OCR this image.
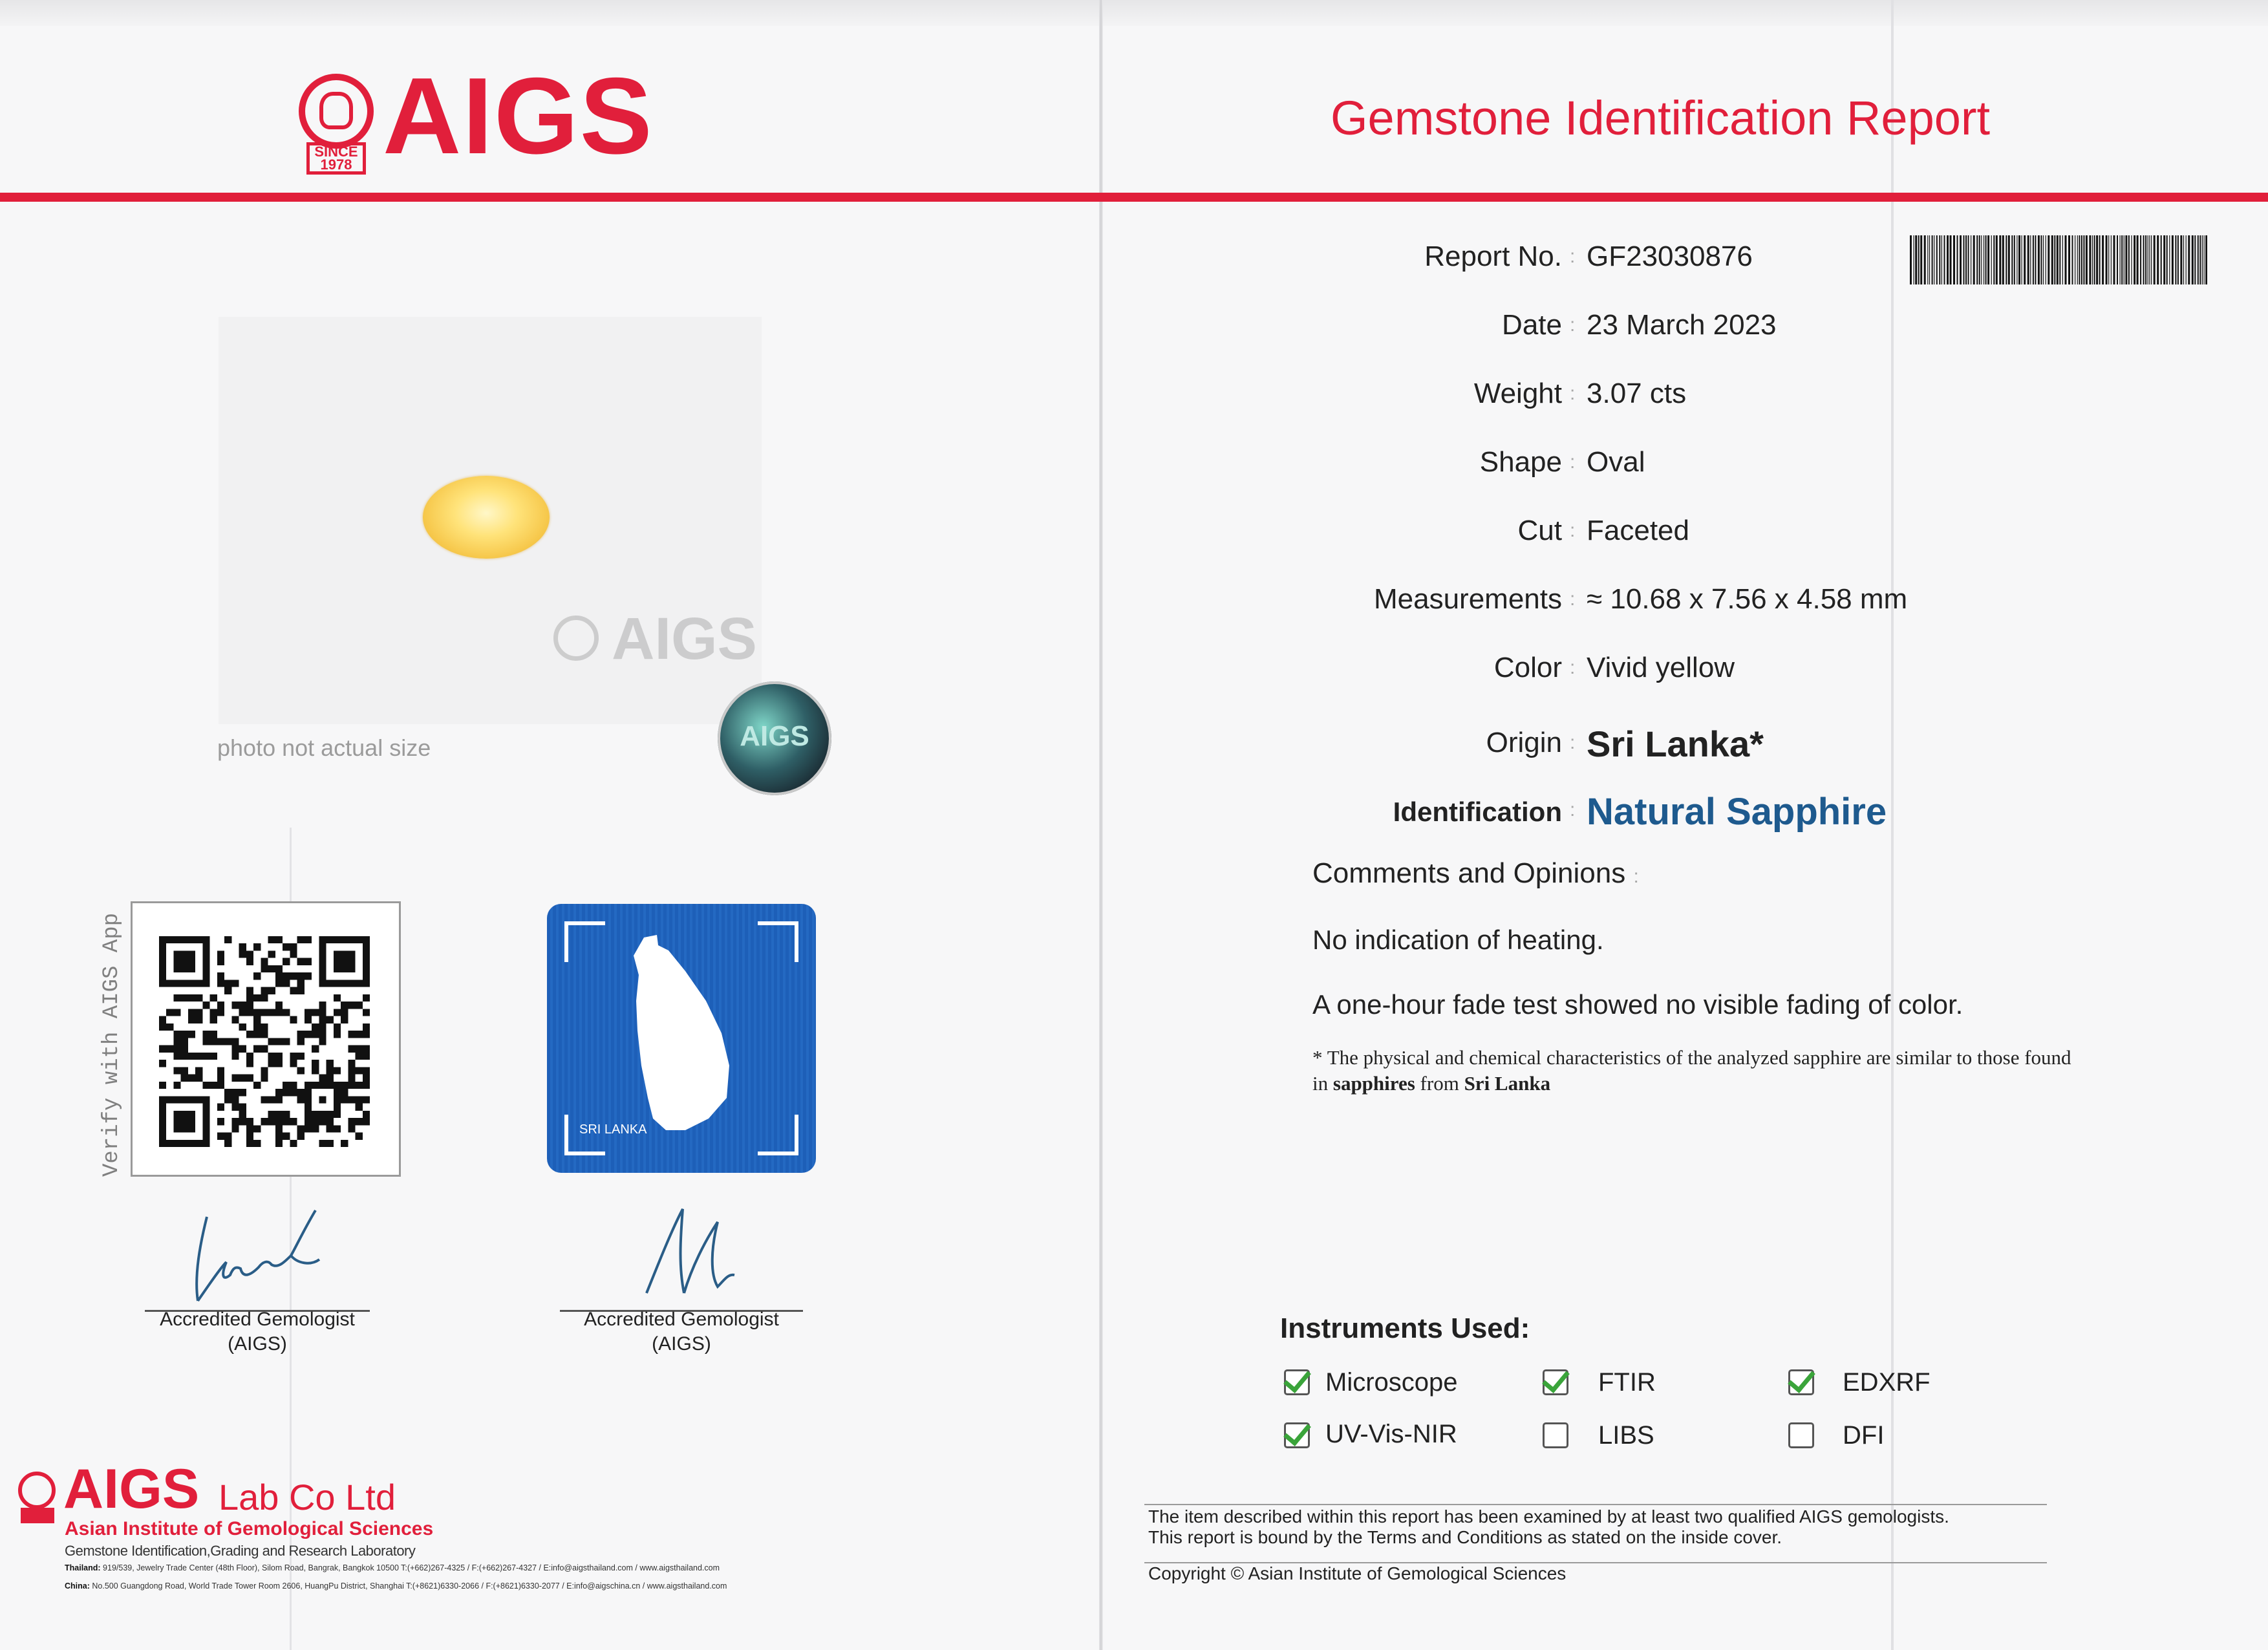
SINCE 1978 AIGS	Gemstone Identification Report
AIGS
photo not actual size	AIGS
Verify with AIGS App	SRI LANKA
Accredited Gemologist
(AIGS)
Accredited Gemologist
(AIGS)
AIGS Lab Co Ltd
Asian Institute of Gemological Sciences
Gemstone Identification,Grading and Research Laboratory
Thailand: 919/539, Jewelry Trade Center (48th Floor), Silom Road, Bangrak, Bangkok 10500 T:(+662)267-4325 / F:(+662)267-4327 / E:info@aigsthailand.com / www.aigsthailand.com
China: No.500 Guangdong Road, World Trade Tower Room 2606, HuangPu District, Shanghai T:(+8621)6330-2066 / F:(+8621)6330-2077 / E:info@aigschina.cn / www.aigsthailand.com
Report No. : GF23030876
Date : 23 March 2023
Weight : 3.07 cts
Shape : Oval
Cut : Faceted
Measurements : ≈ 10.68 x 7.56 x 4.58 mm
Color : Vivid yellow
Origin : Sri Lanka*
Identification : Natural Sapphire
Comments and Opinions :
No indication of heating.
A one-hour fade test showed no visible fading of color.
* The physical and chemical characteristics of the analyzed sapphire are similar to those found in sapphires from Sri Lanka
Instruments Used:
Microscope	FTIR	EDXRF
UV-Vis-NIR	LIBS	DFI
The item described within this report has been examined by at least two qualified AIGS gemologists.
This report is bound by the Terms and Conditions as stated on the inside cover.
Copyright © Asian Institute of Gemological Sciences
